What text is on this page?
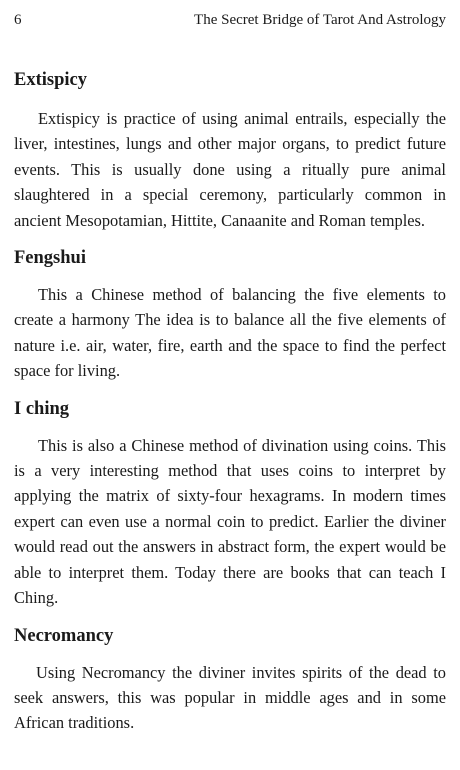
6	The Secret Bridge of Tarot And Astrology
Extispicy

Extispicy is practice of using animal entrails, especially the liver, intestines, lungs and other major organs, to predict future events. This is usually done using a ritually pure animal slaughtered in a special ceremony, particularly common in ancient Mesopotamian, Hittite, Canaanite and Roman temples.

Fengshui

This a Chinese method of balancing the five elements to create a harmony The idea is to balance all the five elements of nature i.e. air, water, fire, earth and the space to find the perfect space for living.

I ching

This is also a Chinese method of divination using coins. This is a very interesting method that uses coins to interpret by applying the matrix of sixty-four hexagrams. In modern times expert can even use a normal coin to predict. Earlier the diviner would read out the answers in abstract form, the expert would be able to interpret them. Today there are books that can teach I Ching.

Necromancy

Using Necromancy the diviner invites spirits of the dead to seek answers, this was popular in middle ages and in some African traditions.
